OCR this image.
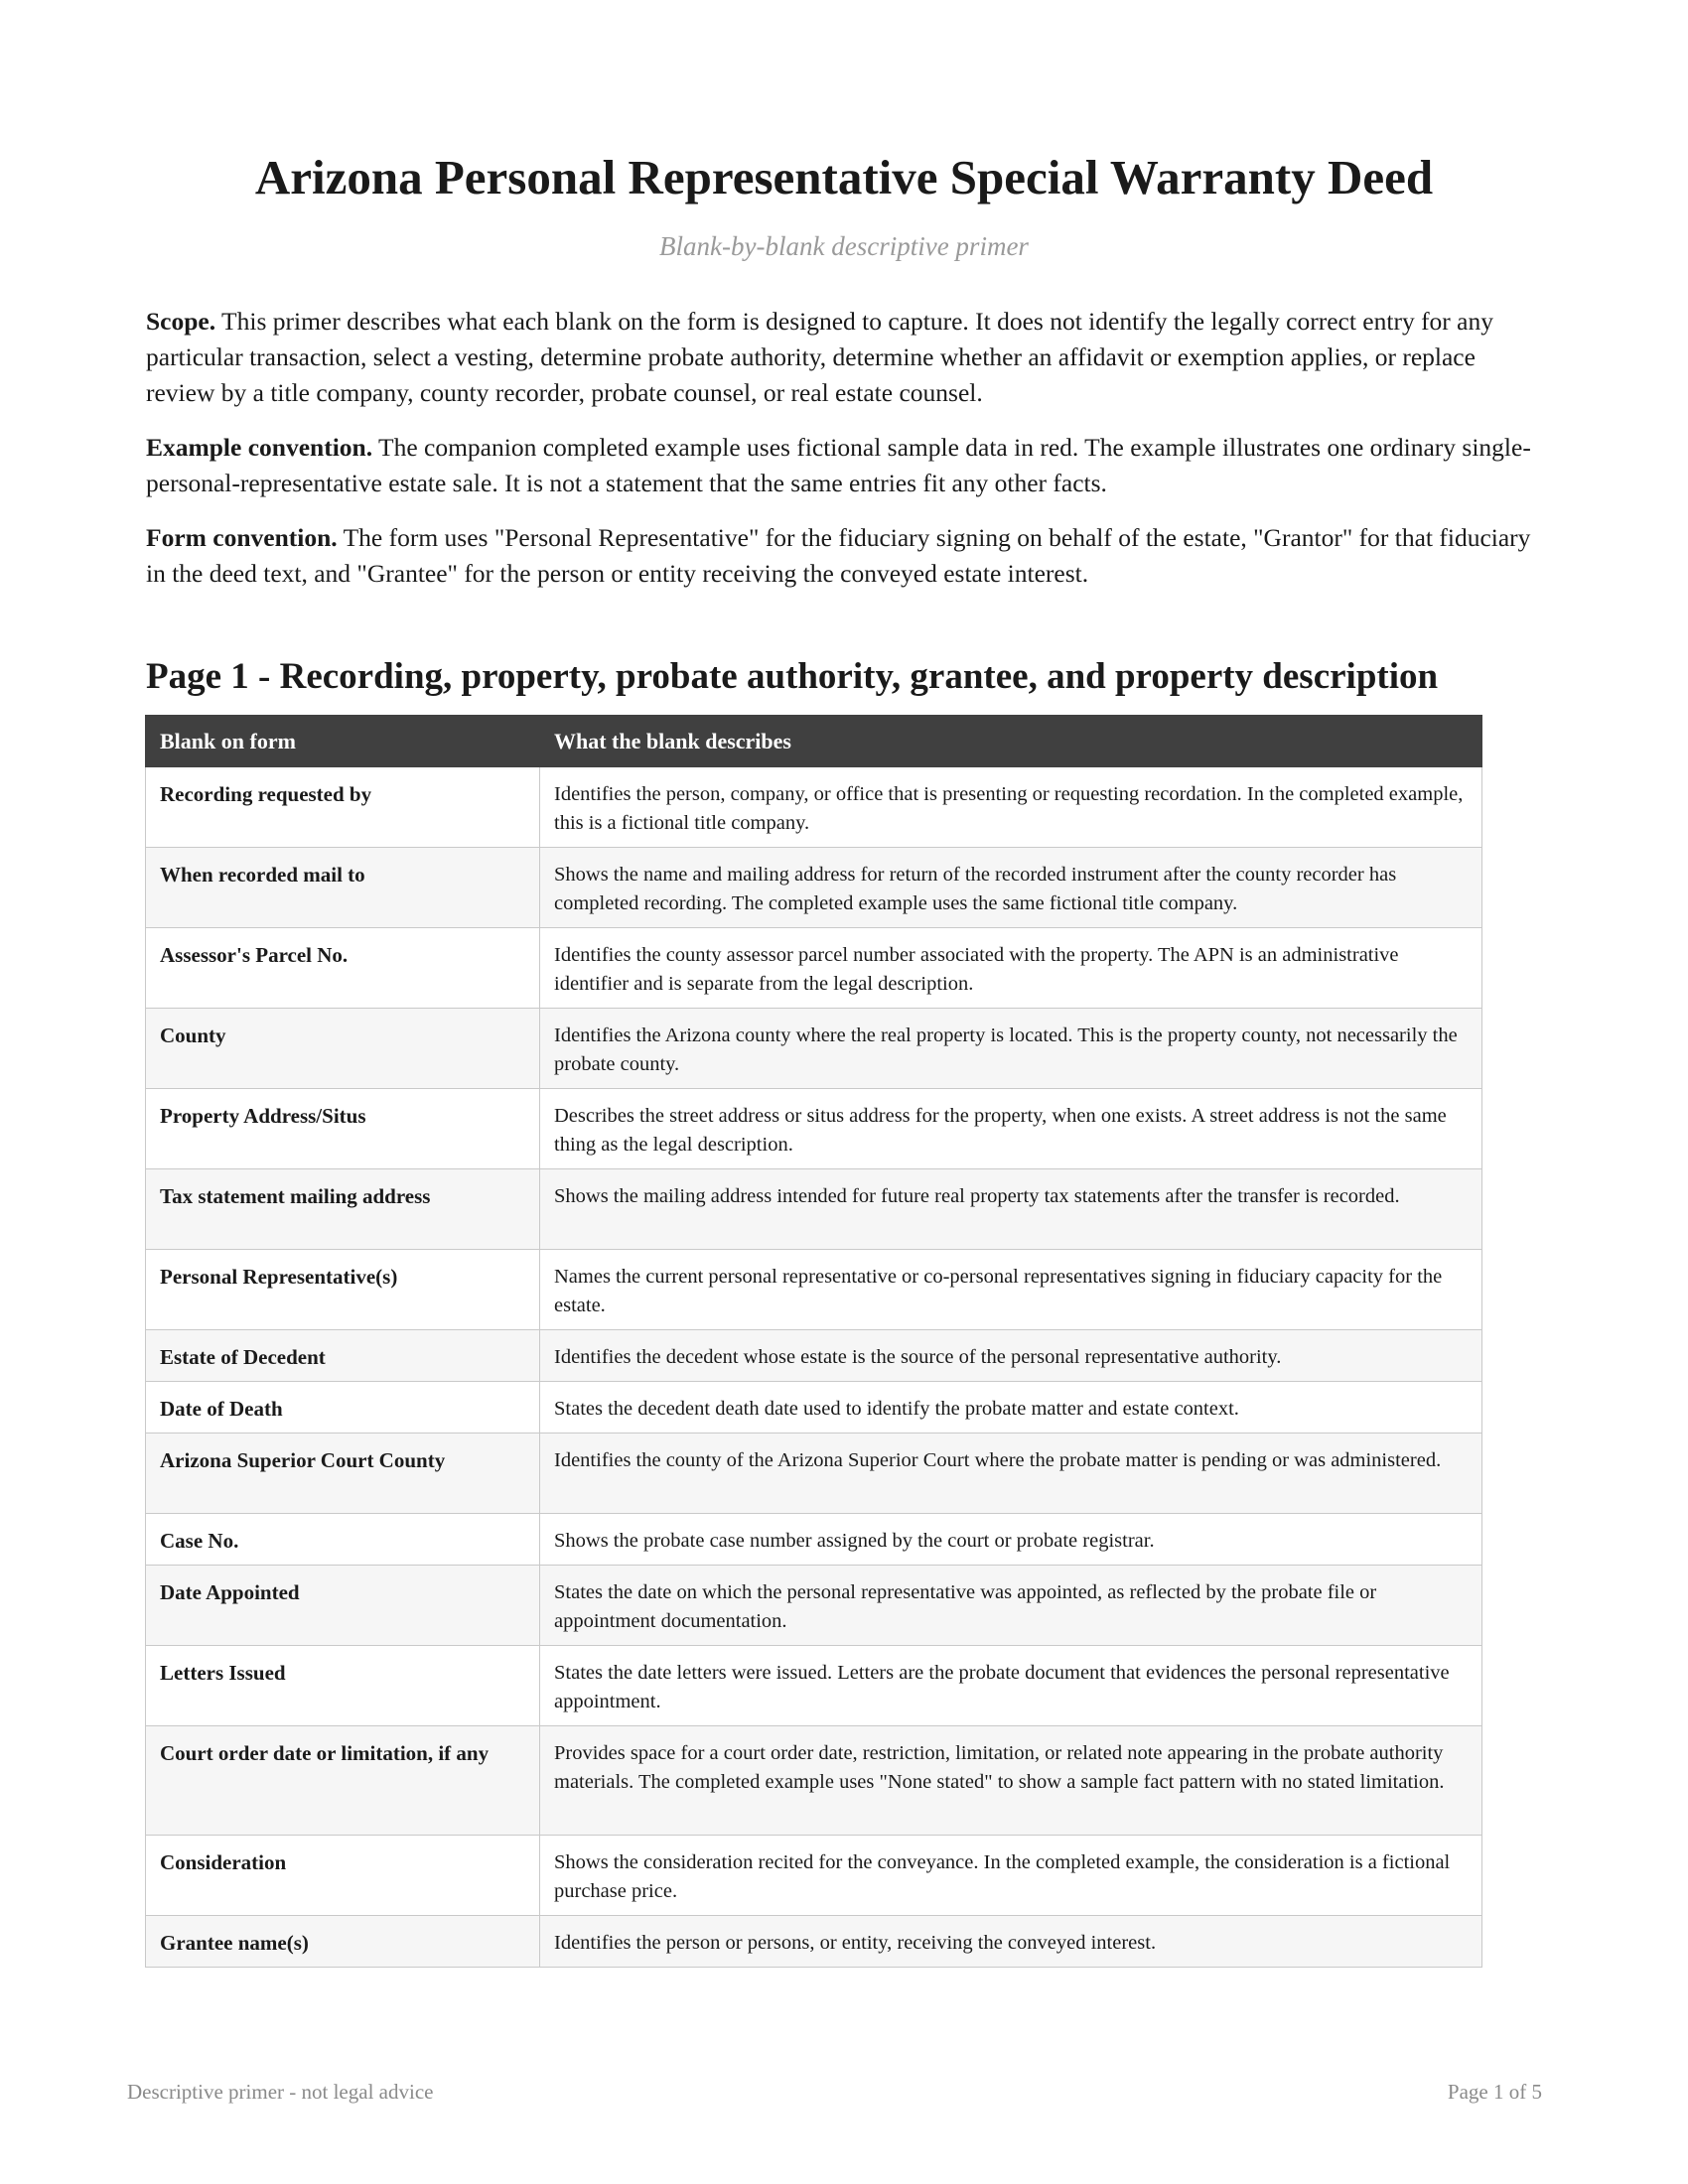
Arizona Personal Representative Special Warranty Deed
Blank-by-blank descriptive primer

Scope. This primer describes what each blank on the form is designed to capture. It does not identify the legally correct entry for any particular transaction, select a vesting, determine probate authority, determine whether an affidavit or exemption applies, or replace review by a title company, county recorder, probate counsel, or real estate counsel.

Example convention. The companion completed example uses fictional sample data in red. The example illustrates one ordinary single-personal-representative estate sale. It is not a statement that the same entries fit any other facts.

Form convention. The form uses "Personal Representative" for the fiduciary signing on behalf of the estate, "Grantor" for that fiduciary in the deed text, and "Grantee" for the person or entity receiving the conveyed estate interest.

Page 1 - Recording, property, probate authority, grantee, and property description
Blank on form	What the blank describes
Recording requested by	Identifies the person, company, or office that is presenting or requesting recordation. In the completed example, this is a fictional title company.
When recorded mail to	Shows the name and mailing address for return of the recorded instrument after the county recorder has completed recording. The completed example uses the same fictional title company.
Assessor's Parcel No.	Identifies the county assessor parcel number associated with the property. The APN is an administrative identifier and is separate from the legal description.
County	Identifies the Arizona county where the real property is located. This is the property county, not necessarily the probate county.
Property Address/Situs	Describes the street address or situs address for the property, when one exists. A street address is not the same thing as the legal description.
Tax statement mailing address	Shows the mailing address intended for future real property tax statements after the transfer is recorded.
Personal Representative(s)	Names the current personal representative or co-personal representatives signing in fiduciary capacity for the estate.
Estate of Decedent	Identifies the decedent whose estate is the source of the personal representative authority.
Date of Death	States the decedent death date used to identify the probate matter and estate context.
Arizona Superior Court County	Identifies the county of the Arizona Superior Court where the probate matter is pending or was administered.
Case No.	Shows the probate case number assigned by the court or probate registrar.
Date Appointed	States the date on which the personal representative was appointed, as reflected by the probate file or appointment documentation.
Letters Issued	States the date letters were issued. Letters are the probate document that evidences the personal representative appointment.
Court order date or limitation, if any	Provides space for a court order date, restriction, limitation, or related note appearing in the probate authority materials. The completed example uses "None stated" to show a sample fact pattern with no stated limitation.
Consideration	Shows the consideration recited for the conveyance. In the completed example, the consideration is a fictional purchase price.
Grantee name(s)	Identifies the person or persons, or entity, receiving the conveyed interest.
Descriptive primer - not legal advice	Page 1 of 5
